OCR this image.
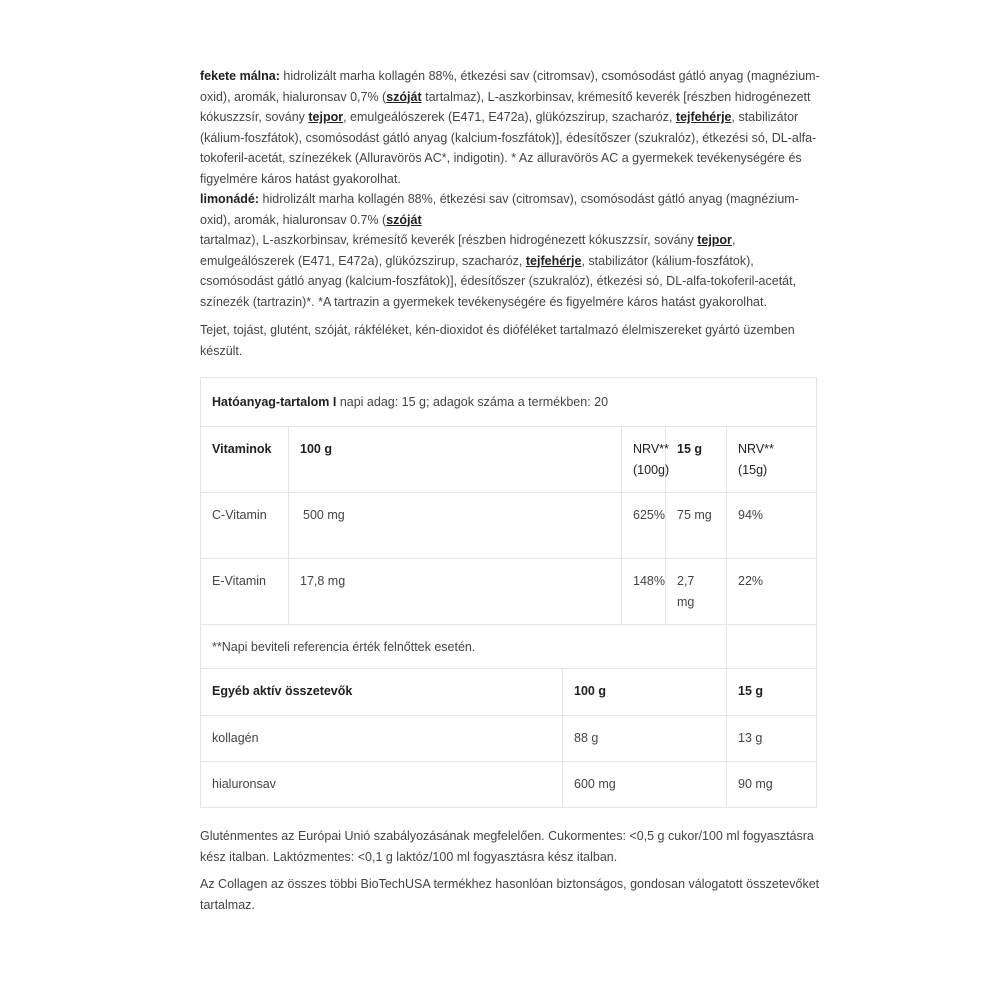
fekete málna: hidrolizált marha kollagén 88%, étkezési sav (citromsav), csomósodást gátló anyag (magnézium-oxid), aromák, hialuronsav 0,7% (szóját tartalmaz), L-aszkorbinsav, krémesítő keverék [részben hidrogénezett kókuszzsír, sovány tejpor, emulgeálószerek (E471, E472a), glükózszirup, szacharóz, tejfehérje, stabilizátor (kálium-foszfátok), csomósodást gátló anyag (kalcium-foszfátok)], édesítőszer (szukralóz), étkezési só, DL-alfa-tokoferil-acetát, színezékek (Alluravörös AC*, indigotin). * Az alluravörös AC a gyermekek tevékenységére és figyelmére káros hatást gyakorolhat.

limonádé: hidrolizált marha kollagén 88%, étkezési sav (citromsav), csomósodást gátló anyag (magnézium-oxid), aromák, hialuronsav 0.7% (szóját
tartalmaz), L-aszkorbinsav, krémesítő keverék [részben hidrogénezett kókuszzsír, sovány tejpor, emulgeálószerek (E471, E472a), glükózszirup, szacharóz, tejfehérje, stabilizátor (kálium-foszfátok), csomósodást gátló anyag (kalcium-foszfátok)], édesítőszer (szukralóz), étkezési só, DL-alfa-tokoferil-acetát, színezék (tartrazin)*. *A tartrazin a gyermekek tevékenységére és figyelmére káros hatást gyakorolhat.

Tejet, tojást, glutént, szóját, rákféléket, kén-dioxidot és dióféléket tartalmazó élelmiszereket gyártó üzemben készült.

Hatóanyag-tartalom I napi adag: 15 g; adagok száma a termékben: 20					
Vitaminok	100 g		NRV** (100g)	15 g	NRV** (15g)
C-Vitamin	500 mg		625%	75 mg	94%
E-Vitamin	17,8 mg		148%	2,7 mg	22%
**Napi beviteli referencia érték felnőttek esetén.					
Egyéb aktív összetevők		100 g			15 g
kollagén		88 g			13 g
hialuronsav		600 mg			90 mg

Gluténmentes az Európai Unió szabályozásának megfelelően. Cukormentes: <0,5 g cukor/100 ml fogyasztásra kész italban. Laktózmentes: <0,1 g laktóz/100 ml fogyasztásra kész italban.

Az Collagen az összes többi BioTechUSA termékhez hasonlóan biztonságos, gondosan válogatott összetevőket tartalmaz.
